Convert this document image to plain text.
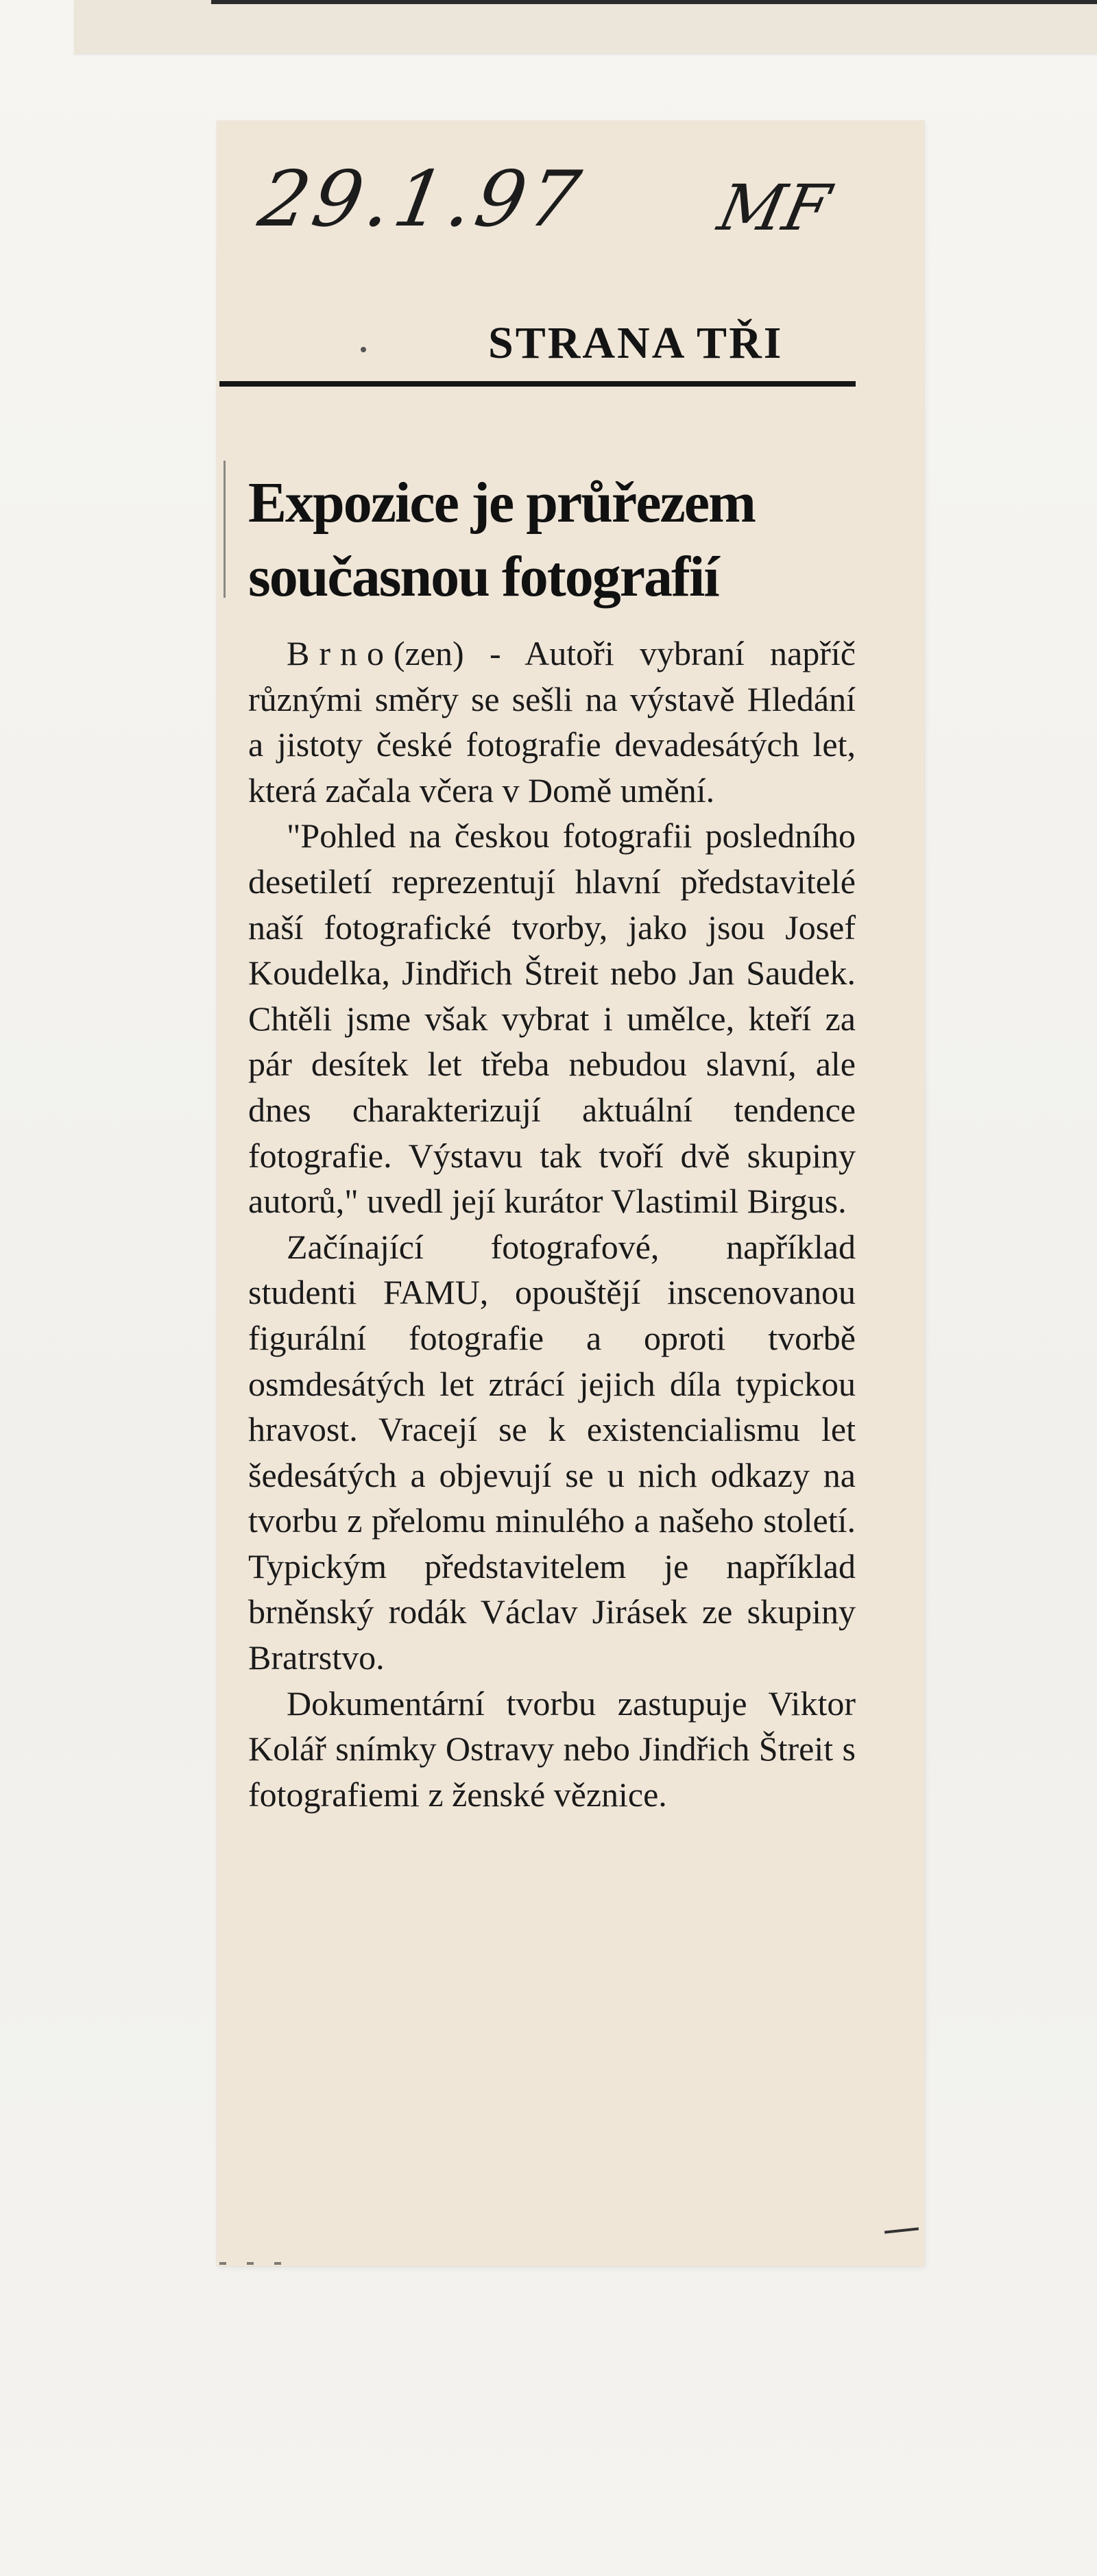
29.1.97 MF
STRANA TŘI
Expozice je průřezem
současnou fotografií

Brno(zen) - Autoři vybraní napříč různými směry se sešli na výstavě Hledání a jistoty české fotografie devadesátých let, která začala včera v Domě umění.

"Pohled na českou fotografii posledního desetiletí reprezentují hlavní představitelé naší fotografické tvorby, jako jsou Josef Koudelka, Jindřich Štreit nebo Jan Saudek. Chtěli jsme však vybrat i umělce, kteří za pár desítek let třeba nebudou slavní, ale dnes charakterizují aktuální tendence fotografie. Výstavu tak tvoří dvě skupiny autorů," uvedl její kurátor Vlastimil Birgus.

Začínající fotografové, například studenti FAMU, opouštějí inscenovanou figurální fotografie a oproti tvorbě osmdesátých let ztrácí jejich díla typickou hravost. Vracejí se k existencialismu let šedesátých a objevují se u nich odkazy na tvorbu z přelomu minulého a našeho století. Typickým představitelem je například brněnský rodák Václav Jirásek ze skupiny Bratrstvo.

Dokumentární tvorbu zastupuje Viktor Kolář snímky Ostravy nebo Jindřich Štreit s fotografiemi z ženské věznice.
